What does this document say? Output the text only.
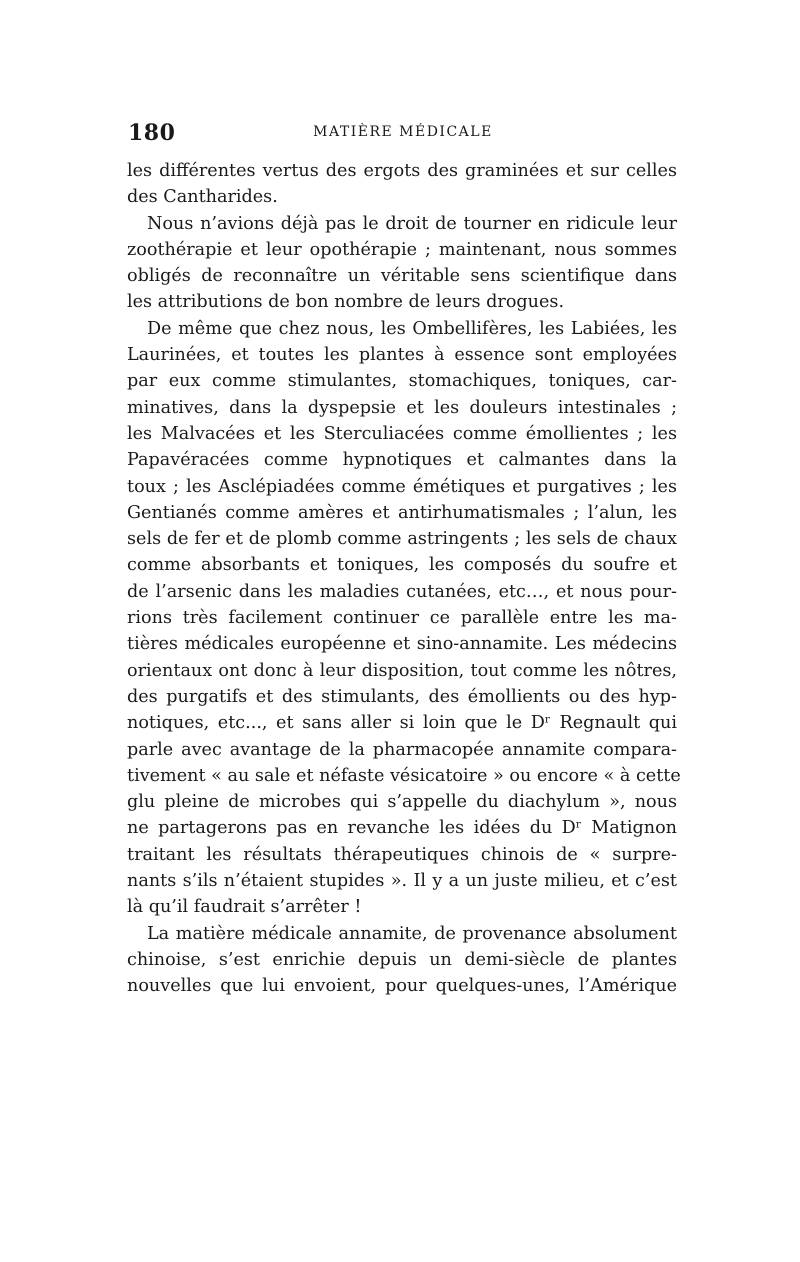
180	MATIÈRE MÉDICALE
les différentes vertus des ergots des graminées et sur celles
des Cantharides.
Nous n’avions déjà pas le droit de tourner en ridicule leur
zoothérapie et leur opothérapie ; maintenant, nous sommes
obligés de reconnaître un véritable sens scientifique dans
les attributions de bon nombre de leurs drogues.
De même que chez nous, les Ombellifères, les Labiées, les
Laurinées, et toutes les plantes à essence sont employées
par eux comme stimulantes, stomachiques, toniques, car-
minatives, dans la dyspepsie et les douleurs intestinales ;
les Malvacées et les Sterculiacées comme émollientes ; les
Papavéracées comme hypnotiques et calmantes dans la
toux ; les Asclépiadées comme émétiques et purgatives ; les
Gentianés comme amères et antirhumatismales ; l’alun, les
sels de fer et de plomb comme astringents ; les sels de chaux
comme absorbants et toniques, les composés du soufre et
de l’arsenic dans les maladies cutanées, etc…, et nous pour-
rions très facilement continuer ce parallèle entre les ma-
tières médicales européenne et sino-annamite. Les médecins
orientaux ont donc à leur disposition, tout comme les nôtres,
des purgatifs et des stimulants, des émollients ou des hyp-
notiques, etc..., et sans aller si loin que le Dʳ Regnault qui
parle avec avantage de la pharmacopée annamite compara-
tivement « au sale et néfaste vésicatoire » ou encore « à cette
glu pleine de microbes qui s’appelle du diachylum », nous
ne partagerons pas en revanche les idées du Dʳ Matignon
traitant les résultats thérapeutiques chinois de « surpre-
nants s’ils n’étaient stupides ». Il y a un juste milieu, et c’est
là qu’il faudrait s’arrêter !
La matière médicale annamite, de provenance absolument
chinoise, s’est enrichie depuis un demi-siècle de plantes
nouvelles que lui envoient, pour quelques-unes, l’Amérique
